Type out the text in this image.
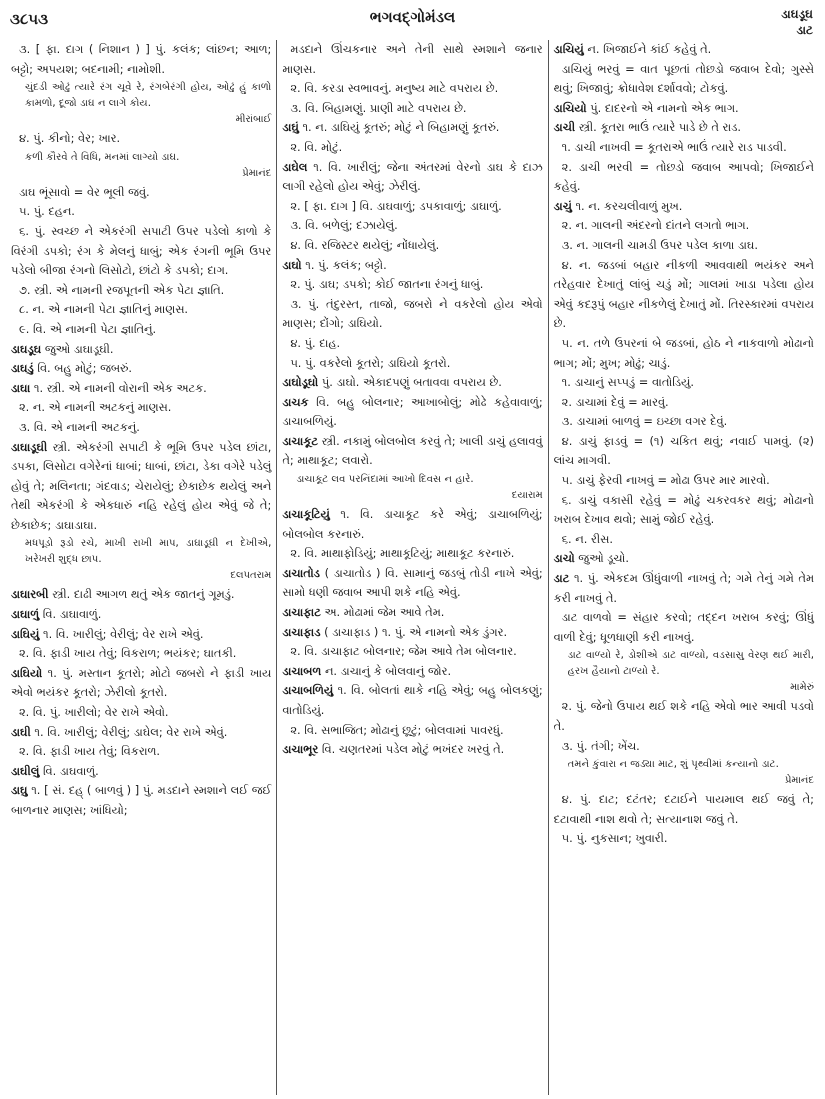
૩૮૫૩	ભગવદ્ગોમંડલ	ડાઘડૂઘ
ડાટ

૩. [ ફા. દાગ ( નિશાન ) ] પું. કલંક; લાંછન; આળ; બટ્ટો; અપયશ; બદનામી; નામોશી.

ચુંદડી ઓઢું ત્યારે રંગ ચૂવે રે, રંગબેરંગી હોય, ઓઢું હું કાળો કામળો, દૂજો ડાઘ ન લાગે કોય.
મીરાંબાઈ

૪. પું. કીનો; વેર; ખાર.

કળી કૌરવે તે વિધિ, મનમાં લાગ્યો ડાઘ.
પ્રેમાનંદ

ડાઘ ભૂંસાવો = વેર ભૂલી જવું.

૫. પું. દહન.

૬. પું. સ્વચ્છ ને એકરંગી સપાટી ઉપર પડેલો કાળો કે વિરંગી ડપકો; રંગ કે મેલનું ધાબું; એક રંગની ભૂમિ ઉપર પડેલો બીજા રંગનો લિસોટો, છાંટો કે ડપકો; દાગ.

૭. સ્ત્રી. એ નામની રજપૂતની એક પેટા જ્ઞાતિ.

૮. ન. એ નામની પેટા જ્ઞાતિનું માણસ.

૯. વિ. એ નામની પેટા જ્ઞાતિનું.

ડાઘડૂઘ જુઓ ડાઘાડૂઘી.

ડાઘડું વિ. બહુ મોટું; જબરું.

ડાઘા ૧. સ્ત્રી. એ નામની વોરાની એક અટક.

૨. ન. એ નામની અટકનું માણસ.

૩. વિ. એ નામની અટકનું.

ડાઘાડૂઘી સ્ત્રી. એકરંગી સપાટી કે ભૂમિ ઉપર પડેલ છાંટા, ડપકા, લિસોટા વગેરેનાં ધાબાં; ધાબાં, છાંટા, ડેકા વગેરે પડેલું હોવું તે; મલિનતા; ગંદવાડ; ચેરાયેલું; છેકાછેક થયેલું અને તેથી એકરંગી કે એકધારું નહિ રહેલું હોય એવું જે તે; છેકાછેક; ડાઘાડાઘા.

મધપૂડો રૂડો રચે, માખી રાખી માપ, ડાઘાડૂઘી ન દેખીએ, ખરેખરી શુદ્ધ છાપ.
દલપતરામ

ડાઘારબી સ્ત્રી. દાઢી આગળ થતું એક જાતનું ગૂમડું.

ડાઘાળું વિ. ડાઘાવાળું.

ડાઘિયું ૧. વિ. ખારીલું; વેરીલું; વેર રાખે એવું.

૨. વિ. ફાડી ખાય તેવું; વિકરાળ; ભયંકર; ઘાતકી.

ડાઘિયો ૧. પું. મસ્તાન કૂતરો; મોટો જબરો ને ફાડી ખાય એવો ભયંકર કૂતરો; ઝેરીલો કૂતરો.

૨. વિ. પું. ખારીલો; વેર રાખે એવો.

ડાઘી ૧. વિ. ખારીલું; વેરીલું; ડાઘેલ; વેર રાખે એવું.

૨. વિ. ફાડી ખાય તેવું; વિકરાળ.

ડાઘીલું વિ. ડાઘવાળું.

ડાઘુ ૧. [ સં. દહ્ ( બાળવું ) ] પું. મડદાને સ્મશાને લઈ જઈ બાળનાર માણસ; ખાંધિયો;

મડદાને ઊંચકનાર અને તેની સાથે સ્મશાને જનાર માણસ.

૨. વિ. કરડા સ્વભાવનું. મનુષ્ય માટે વપરાય છે.

૩. વિ. બિહામણું. પ્રાણી માટે વપરાય છે.

ડાઘું ૧. ન. ડાઘિયું કૂતરું; મોટું ને બિહામણું કૂતરું.

૨. વિ. મોટું.

ડાઘેલ ૧. વિ. ખારીલું; જેના અંતરમાં વેરનો ડાઘ કે દાઝ લાગી રહેલો હોય એવું; ઝેરીલું.

૨. [ ફા. દાગ ] વિ. ડાઘવાળું; ડપકાવાળું; ડાઘાળું.

૩. વિ. બળેલું; દઝાયેલું.

૪. વિ. રજિસ્ટર થયેલું; નોંધાયેલું.

ડાઘો ૧. પું. કલંક; બટ્ટો.

૨. પું. ડાઘ; ડપકો; કોઈ જાતના રંગનું ધાબું.

૩. પું. તંદુરસ્ત, તાજો, જબરો ને વકરેલો હોય એવો માણસ; દોંગો; ડાઘિયો.

૪. પું. દાહ.

૫. પું. વકરેલો કૂતરો; ડાઘિયો કૂતરો.

ડાઘોડૂઘો પું. ડાઘો. એકાદપણું બતાવવા વપરાય છે.

ડાચક વિ. બહુ બોલનાર; આખાબોલું; મોઢે કહેવાવાળું; ડાચાબળિયું.

ડાચાકૂટ સ્ત્રી. નકામું બોલબોલ કરવું તે; ખાલી ડાચું હલાવવું તે; માથાકૂટ; લવારો.

ડાચાકૂટ લવ પરનિંદામાં આખો દિવસ ન હારે.
દયારામ

ડાચાકૂટિયું ૧. વિ. ડાચાકૂટ કરે એવું; ડાચાબળિયું; બોલબોલ કરનારું.

૨. વિ. માથાફોડિયું; માથાકૂટિયું; માથાકૂટ કરનારું.

ડાચાતોડ ( ડાચાતોડ ) વિ. સામાનું જડબું તોડી નાખે એવું; સામો ધણી જવાબ આપી શકે નહિ એવું.

ડાચાફાટ અ. મોઢામાં જેમ આવે તેમ.

ડાચાફાડ ( ડાચાફાડ ) ૧. પું. એ નામનો એક ડુંગર.

૨. વિ. ડાચાફાટ બોલનાર; જેમ આવે તેમ બોલનાર.

ડાચાબળ ન. ડાચાનું કે બોલવાનું જોર.

ડાચાબળિયું ૧. વિ. બોલતાં થાકે નહિ એવું; બહુ બોલકણું; વાતોડિયું.

૨. વિ. સભાજિત; મોઢાનું છૂટું; બોલવામાં પાવરધું.

ડાચાભૂર વિ. ચણતરમાં પડેલ મોટું ભખંદર ખરવું તે.

ડાચિયું ન. ખિજાઈને કાંઈ કહેવું તે.

ડાચિયું ભરવું = વાત પૂછતાં તોછડો જવાબ દેવો; ગુસ્સે થવું; ખિજાવું; ક્રોધાવેશ દર્શાવવો; ટોકવું.

ડાચિયો પું. દાદરનો એ નામનો એક ભાગ.

ડાચી સ્ત્રી. કૂતરા ભાઉં ત્યારે પાડે છે તે રાડ.

૧. ડાચી નાખવી = કૂતરાએ ભાઉં ત્યારે રાડ પાડવી.

૨. ડાચી ભરવી = તોછડો જવાબ આપવો; ખિજાઈને કહેવું.

ડાચું ૧. ન. કરચલીવાળું મુખ.

૨. ન. ગાલની અંદરનો દાંતને લગતો ભાગ.

૩. ન. ગાલની ચામડી ઉપર પડેલ કાળા ડાઘ.

૪. ન. જડબાં બહાર નીકળી આવવાથી ભયંકર અને તરેહવાર દેખાતું લાંબું ચડું મોં; ગાલમાં ખાડા પડેલા હોય એવું કદરૂપું બહાર નીકળેલું દેખાતું મોં. તિરસ્કારમાં વપરાય છે.

૫. ન. તળે ઉપરનાં બે જડબાં, હોઠ ને નાકવાળો મોઢાનો ભાગ; મોં; મુખ; મોઢું; ચાડું.

૧. ડાચાનું સપ્પડું = વાતોડિયું.

૨. ડાચામાં દેવું = મારવું.

૩. ડાચામાં બાળવું = ઇચ્છા વગર દેવું.

૪. ડાચું ફાડવું = (૧) ચકિત થવું; નવાઈ પામવું. (૨) લાંચ માગવી.

૫. ડાચું ફેરવી નાખવું = મોઢા ઉપર માર મારવો.

૬. ડાચું વકાસી રહેવું = મોઢું ચકરવકર થવું; મોઢાનો ખરાબ દેખાવ થવો; સામું જોઈ રહેવું.

૬. ન. રીસ.

ડાચો જુઓ ડૂચો.

ડાટ ૧. પું. એકદમ ઊંધુંવાળી નાખવું તે; ગમે તેનું ગમે તેમ કરી નાખવું તે.

ડાટ વાળવો = સંહાર કરવો; તદ્દન ખરાબ કરવું; ઊંધું વાળી દેવું; ધૂળધાણી કરી નાખવું.

ડાટ વાળ્યો રે, ડોશીએ ડાટ વાળ્યો, વડસાસુ વેરણ થઈ મારી, હરખ હૈયાનો ટાળ્યો રે.
મામેરું

૨. પું. જેનો ઉપાય થઈ શકે નહિ એવો ભાર આવી પડવો તે.

૩. પું. તંગી; ખેંચ.

તમને કુંવારા ન જડ્યા માટ, શું પૃથ્વીમાં કન્યાનો ડાટ.
પ્રેમાનંદ

૪. પું. દાટ; દટંતર; દટાઈને પાયમાલ થઈ જવું તે; દટાવાથી નાશ થવો તે; સત્યાનાશ જવું તે.

૫. પું. નુકસાન; ખુવારી.
